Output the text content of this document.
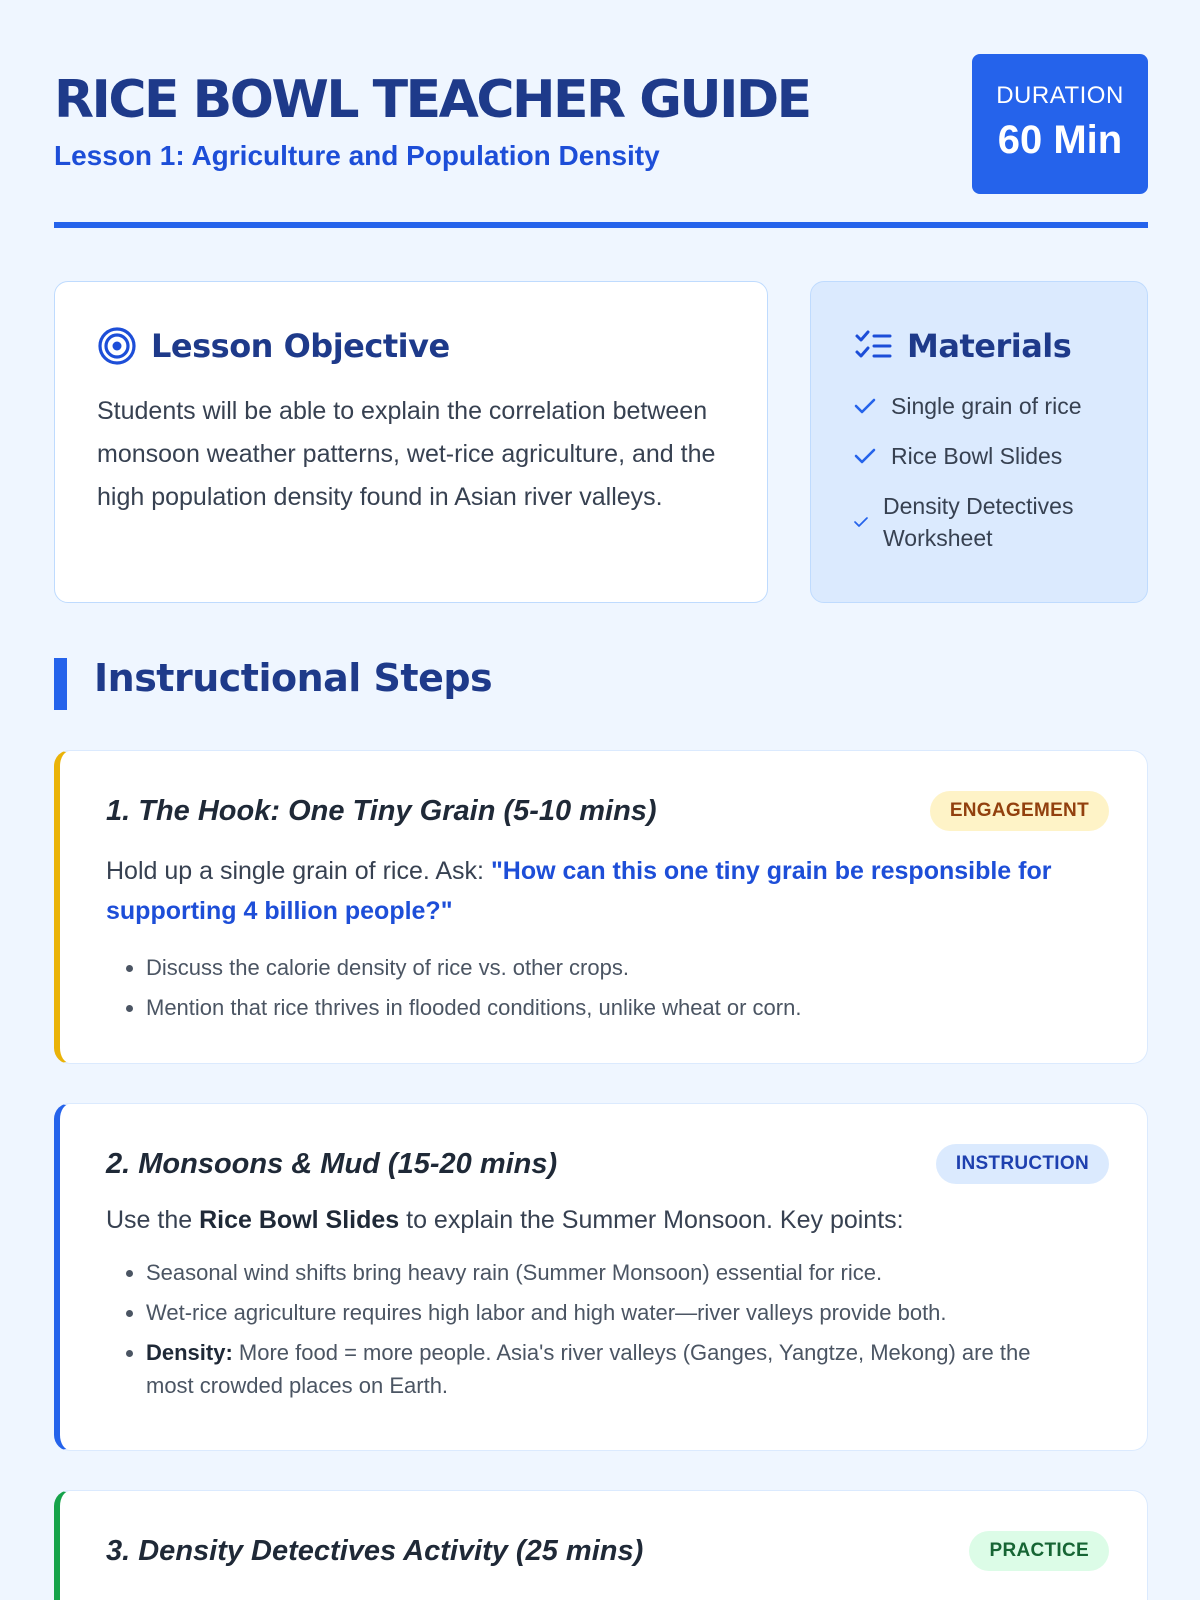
RICE BOWL TEACHER GUIDE
Lesson 1: Agriculture and Population Density
DURATION
60 Min
Lesson Objective

Students will be able to explain the correlation between monsoon weather patterns, wet-rice agriculture, and the high population density found in Asian river valleys.

Materials
Single grain of rice
Rice Bowl Slides
Density Detectives Worksheet
Instructional Steps
1. The Hook: One Tiny Grain (5-10 mins)	ENGAGEMENT

Hold up a single grain of rice. Ask: "How can this one tiny grain be responsible for supporting 4 billion people?"

• Discuss the calorie density of rice vs. other crops.
• Mention that rice thrives in flooded conditions, unlike wheat or corn.
2. Monsoons & Mud (15-20 mins)	INSTRUCTION

Use the Rice Bowl Slides to explain the Summer Monsoon. Key points:

• Seasonal wind shifts bring heavy rain (Summer Monsoon) essential for rice.
• Wet-rice agriculture requires high labor and high water—river valleys provide both.
• Density: More food = more people. Asia's river valleys (Ganges, Yangtze, Mekong) are the most crowded places on Earth.
3. Density Detectives Activity (25 mins)	PRACTICE
